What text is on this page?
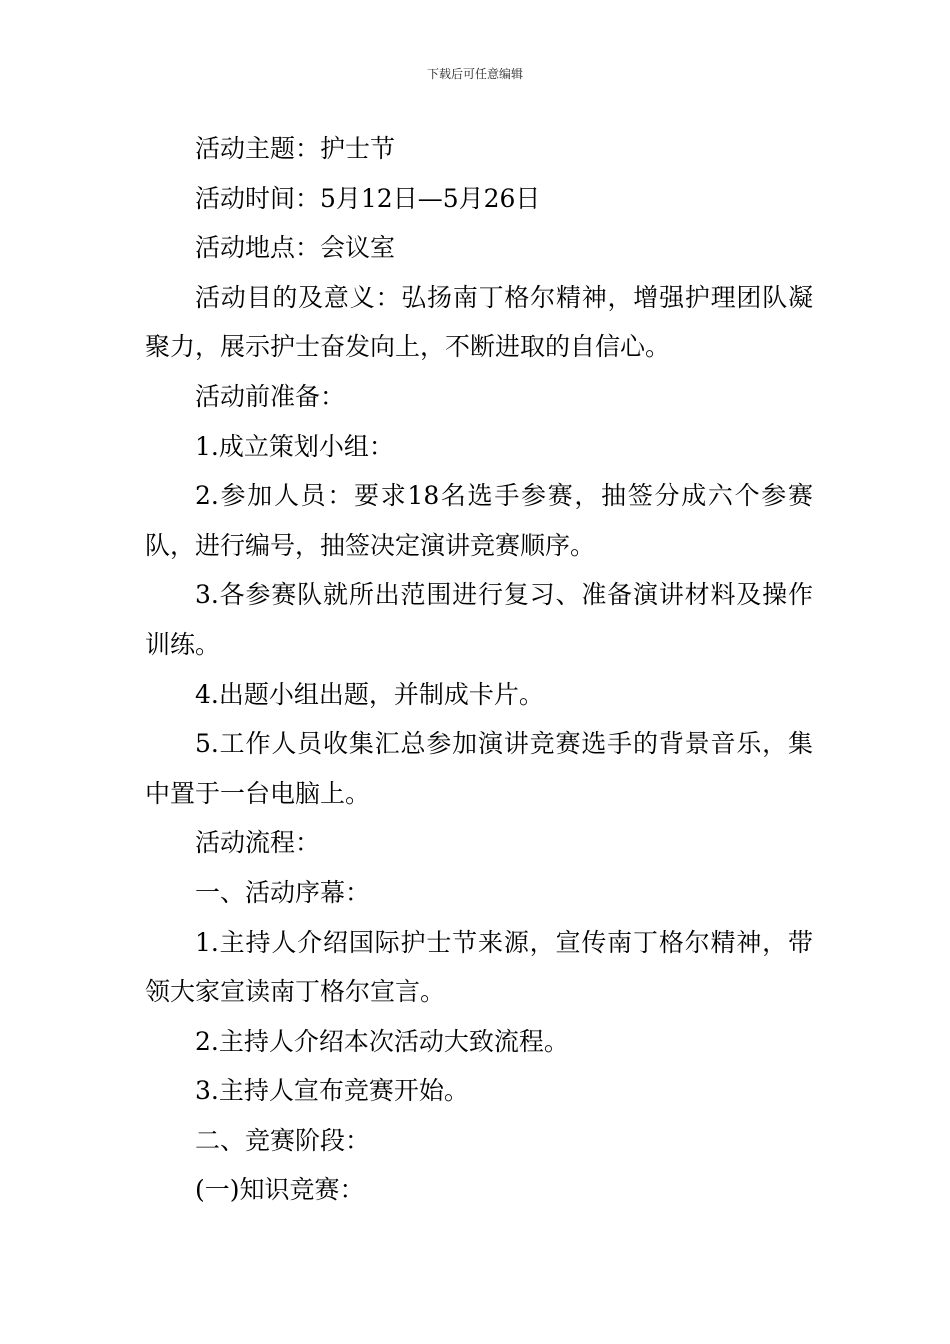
下载后可任意编辑

活动主题：护士节

活动时间：5月12日—5月26日

活动地点：会议室

活动目的及意义：弘扬南丁格尔精神，增强护理团队凝聚力，展示护士奋发向上，不断进取的自信心。

活动前准备：

1.成立策划小组：

2.参加人员：要求18名选手参赛，抽签分成六个参赛队，进行编号，抽签决定演讲竞赛顺序。

3.各参赛队就所出范围进行复习、准备演讲材料及操作训练。

4.出题小组出题，并制成卡片。

5.工作人员收集汇总参加演讲竞赛选手的背景音乐，集中置于一台电脑上。

活动流程：

一、活动序幕：

1.主持人介绍国际护士节来源，宣传南丁格尔精神，带领大家宣读南丁格尔宣言。

2.主持人介绍本次活动大致流程。

3.主持人宣布竞赛开始。

二、竞赛阶段：

(一)知识竞赛：
